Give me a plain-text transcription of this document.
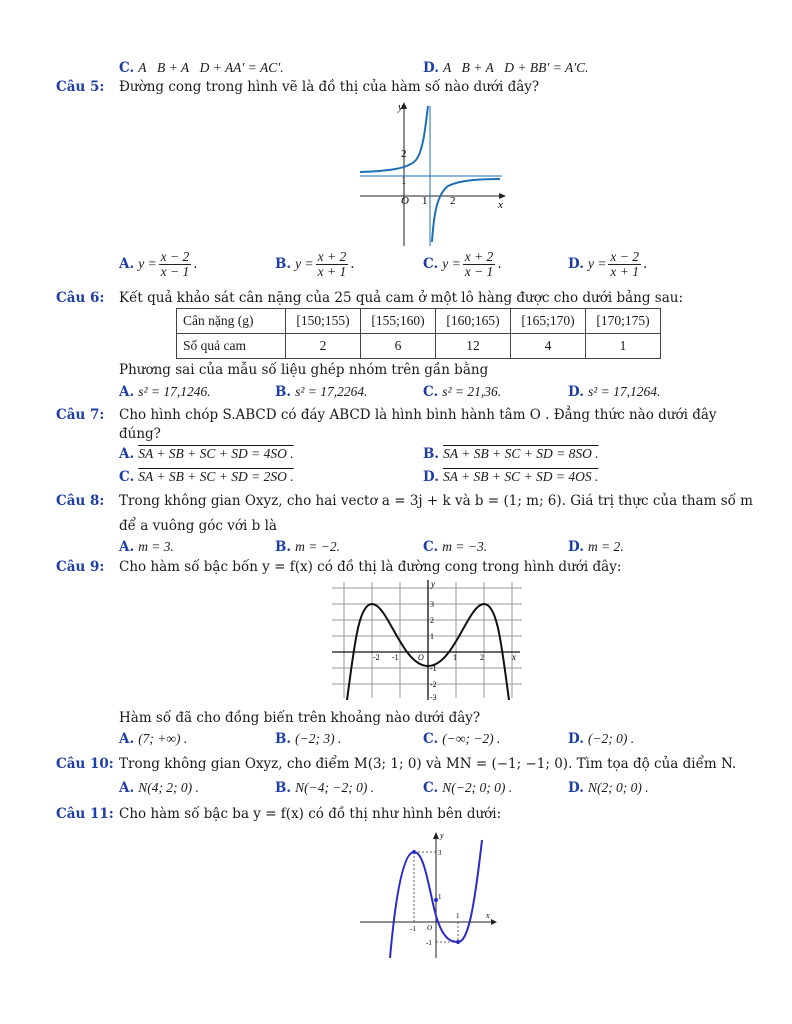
C. A⃗B + A⃗D + AA′ = AC′.	D. A⃗B + A⃗D + BB′ = A′C.
Câu 5: Đường cong trong hình vẽ là đồ thị của hàm số nào dưới đây?
y
x
2
1
O 1 2
A. $y = \frac{x - 2}{x - 1}$ .	B. $y = \frac{x + 2}{x + 1}$ .	C. $y = \frac{x + 2}{x - 1}$ .	D. $y = \frac{x - 2}{x + 1}$ .
Câu 6: Kết quả khảo sát cân nặng của 25 quả cam ở một lô hàng được cho dưới bảng sau:
Cân nặng (g)	[150;155)	[155;160)	[160;165)	[165;170)	[170;175)
Số quả cam	2	6	12	4	1
Phương sai của mẫu số liệu ghép nhóm trên gần bằng
A. s² = 17,1246.	B. s² = 17,2264.	C. s² = 21,36.	D. s² = 17,1264.
Câu 7: Cho hình chóp S.ABCD có đáy ABCD là hình bình hành tâm O . Đẳng thức nào dưới đây
đúng?
A. SA + SB + SC + SD = 4SO .	B. SA + SB + SC + SD = 8SO .
C. SA + SB + SC + SD = 2SO .	D. SA + SB + SC + SD = 4OS .
Câu 8: Trong không gian Oxyz, cho hai vectơ a = 3j + k và b = (1; m; 6). Giá trị thực của tham số m
để a vuông góc với b là
A. m = 3.	B. m = −2.	C. m = −3.	D. m = 2.
Câu 9: Cho hàm số bậc bốn y = f(x) có đồ thị là đường cong trong hình dưới đây:
y
x
3
2
1
-1
-2
-3
-2 -1 O	1	2
Hàm số đã cho đồng biến trên khoảng nào dưới đây?
A. (7; +∞) .	B. (−2; 3) .	C. (−∞; −2) .	D. (−2; 0) .
Câu 10: Trong không gian Oxyz, cho điểm M(3; 1; 0) và MN = (−1; −1; 0). Tìm tọa độ của điểm N.
A. N(4; 2; 0) .	B. N(−4; −2; 0) .	C. N(−2; 0; 0) .	D. N(2; 0; 0) .
Câu 11: Cho hàm số bậc ba y = f(x) có đồ thị như hình bên dưới:
y
x
3
1
O
-1
1
-1
